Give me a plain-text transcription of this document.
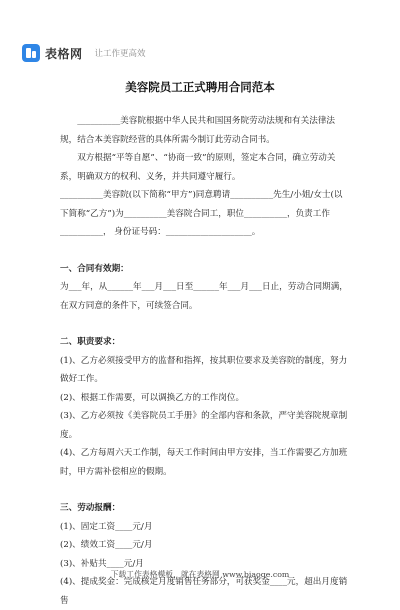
表格网 让工作更高效
美容院员工正式聘用合同范本

__________美容院根据中华人民共和国国务院劳动法规和有关法律法规，结合本美容院经营的具体所需今制订此劳动合同书。

双方根据“平等自愿”、“协商一致”的原则，签定本合同，确立劳动关系，明确双方的权利、义务，并共同遵守履行。

__________美容院(以下简称“甲方”)同意聘请__________先生/小姐/女士(以下简称“乙方”)为__________美容院合同工，职位__________，负责工作__________， 身份证号码：____________________。

一、合同有效期：

为___年，从______年___月___日至______年___月___日止，劳动合同期满，在双方同意的条件下，可续签合同。

二、职责要求：

(1)、乙方必须接受甲方的监督和指挥，按其职位要求及美容院的制度，努力做好工作。

(2)、根据工作需要，可以调换乙方的工作岗位。

(3)、乙方必须按《美容院员工手册》的全部内容和条款，严守美容院规章制度。

(4)、乙方每周六天工作制，每天工作时间由甲方安排，当工作需要乙方加班时，甲方需补偿相应的假期。

三、劳动报酬：

(1)、固定工资____元/月

(2)、绩效工资____元/月

(3)、补贴共____元/月

(4)、提成奖金：完成核定月度销售任务部分，可获奖金____元，超出月度销售

下载工作表格模板，就在表格网 www.biaoge.com
